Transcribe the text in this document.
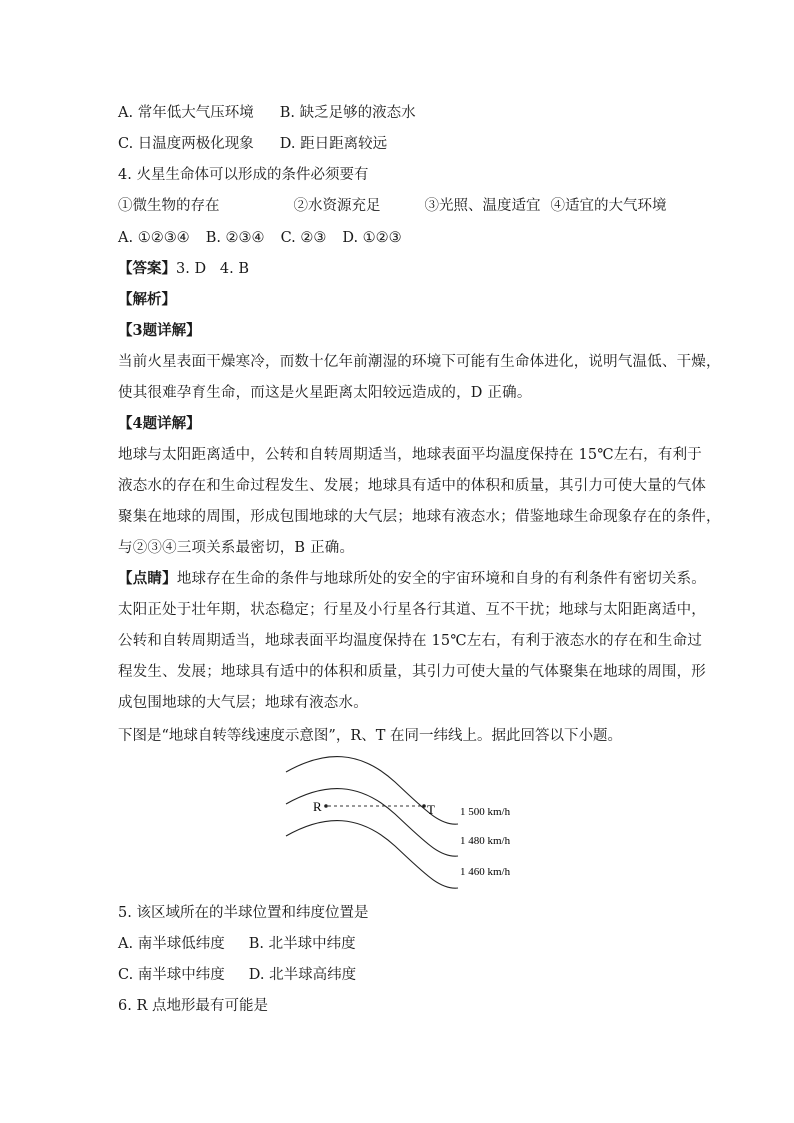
A. 常年低大气压环境 B. 缺乏足够的液态水
C. 日温度两极化现象 D. 距日距离较远
4. 火星生命体可以形成的条件必须要有
①微生物的存在	②水资源充足	③光照、温度适宜 ④适宜的大气环境
A. ①②③④ B. ②③④ C. ②③ D. ①②③
【答案】3. D   4. B
【解析】
【3题详解】
当前火星表面干燥寒冷，而数十亿年前潮湿的环境下可能有生命体进化，说明气温低、干燥，
使其很难孕育生命，而这是火星距离太阳较远造成的，D 正确。
【4题详解】
地球与太阳距离适中，公转和自转周期适当，地球表面平均温度保持在 15℃左右，有利于
液态水的存在和生命过程发生、发展；地球具有适中的体积和质量，其引力可使大量的气体
聚集在地球的周围，形成包围地球的大气层；地球有液态水；借鉴地球生命现象存在的条件，
与②③④三项关系最密切，B 正确。
【点睛】地球存在生命的条件与地球所处的安全的宇宙环境和自身的有利条件有密切关系。
太阳正处于壮年期，状态稳定；行星及小行星各行其道、互不干扰；地球与太阳距离适中，
公转和自转周期适当，地球表面平均温度保持在 15℃左右，有利于液态水的存在和生命过
程发生、发展；地球具有适中的体积和质量，其引力可使大量的气体聚集在地球的周围，形
成包围地球的大气层；地球有液态水。
下图是“地球自转等线速度示意图”，R、T 在同一纬线上。据此回答以下小题。
R	T 1 500 km/h
1 480 km/h
1 460 km/h
5. 该区域所在的半球位置和纬度位置是
A. 南半球低纬度 B. 北半球中纬度
C. 南半球中纬度 D. 北半球高纬度
6. R 点地形最有可能是
